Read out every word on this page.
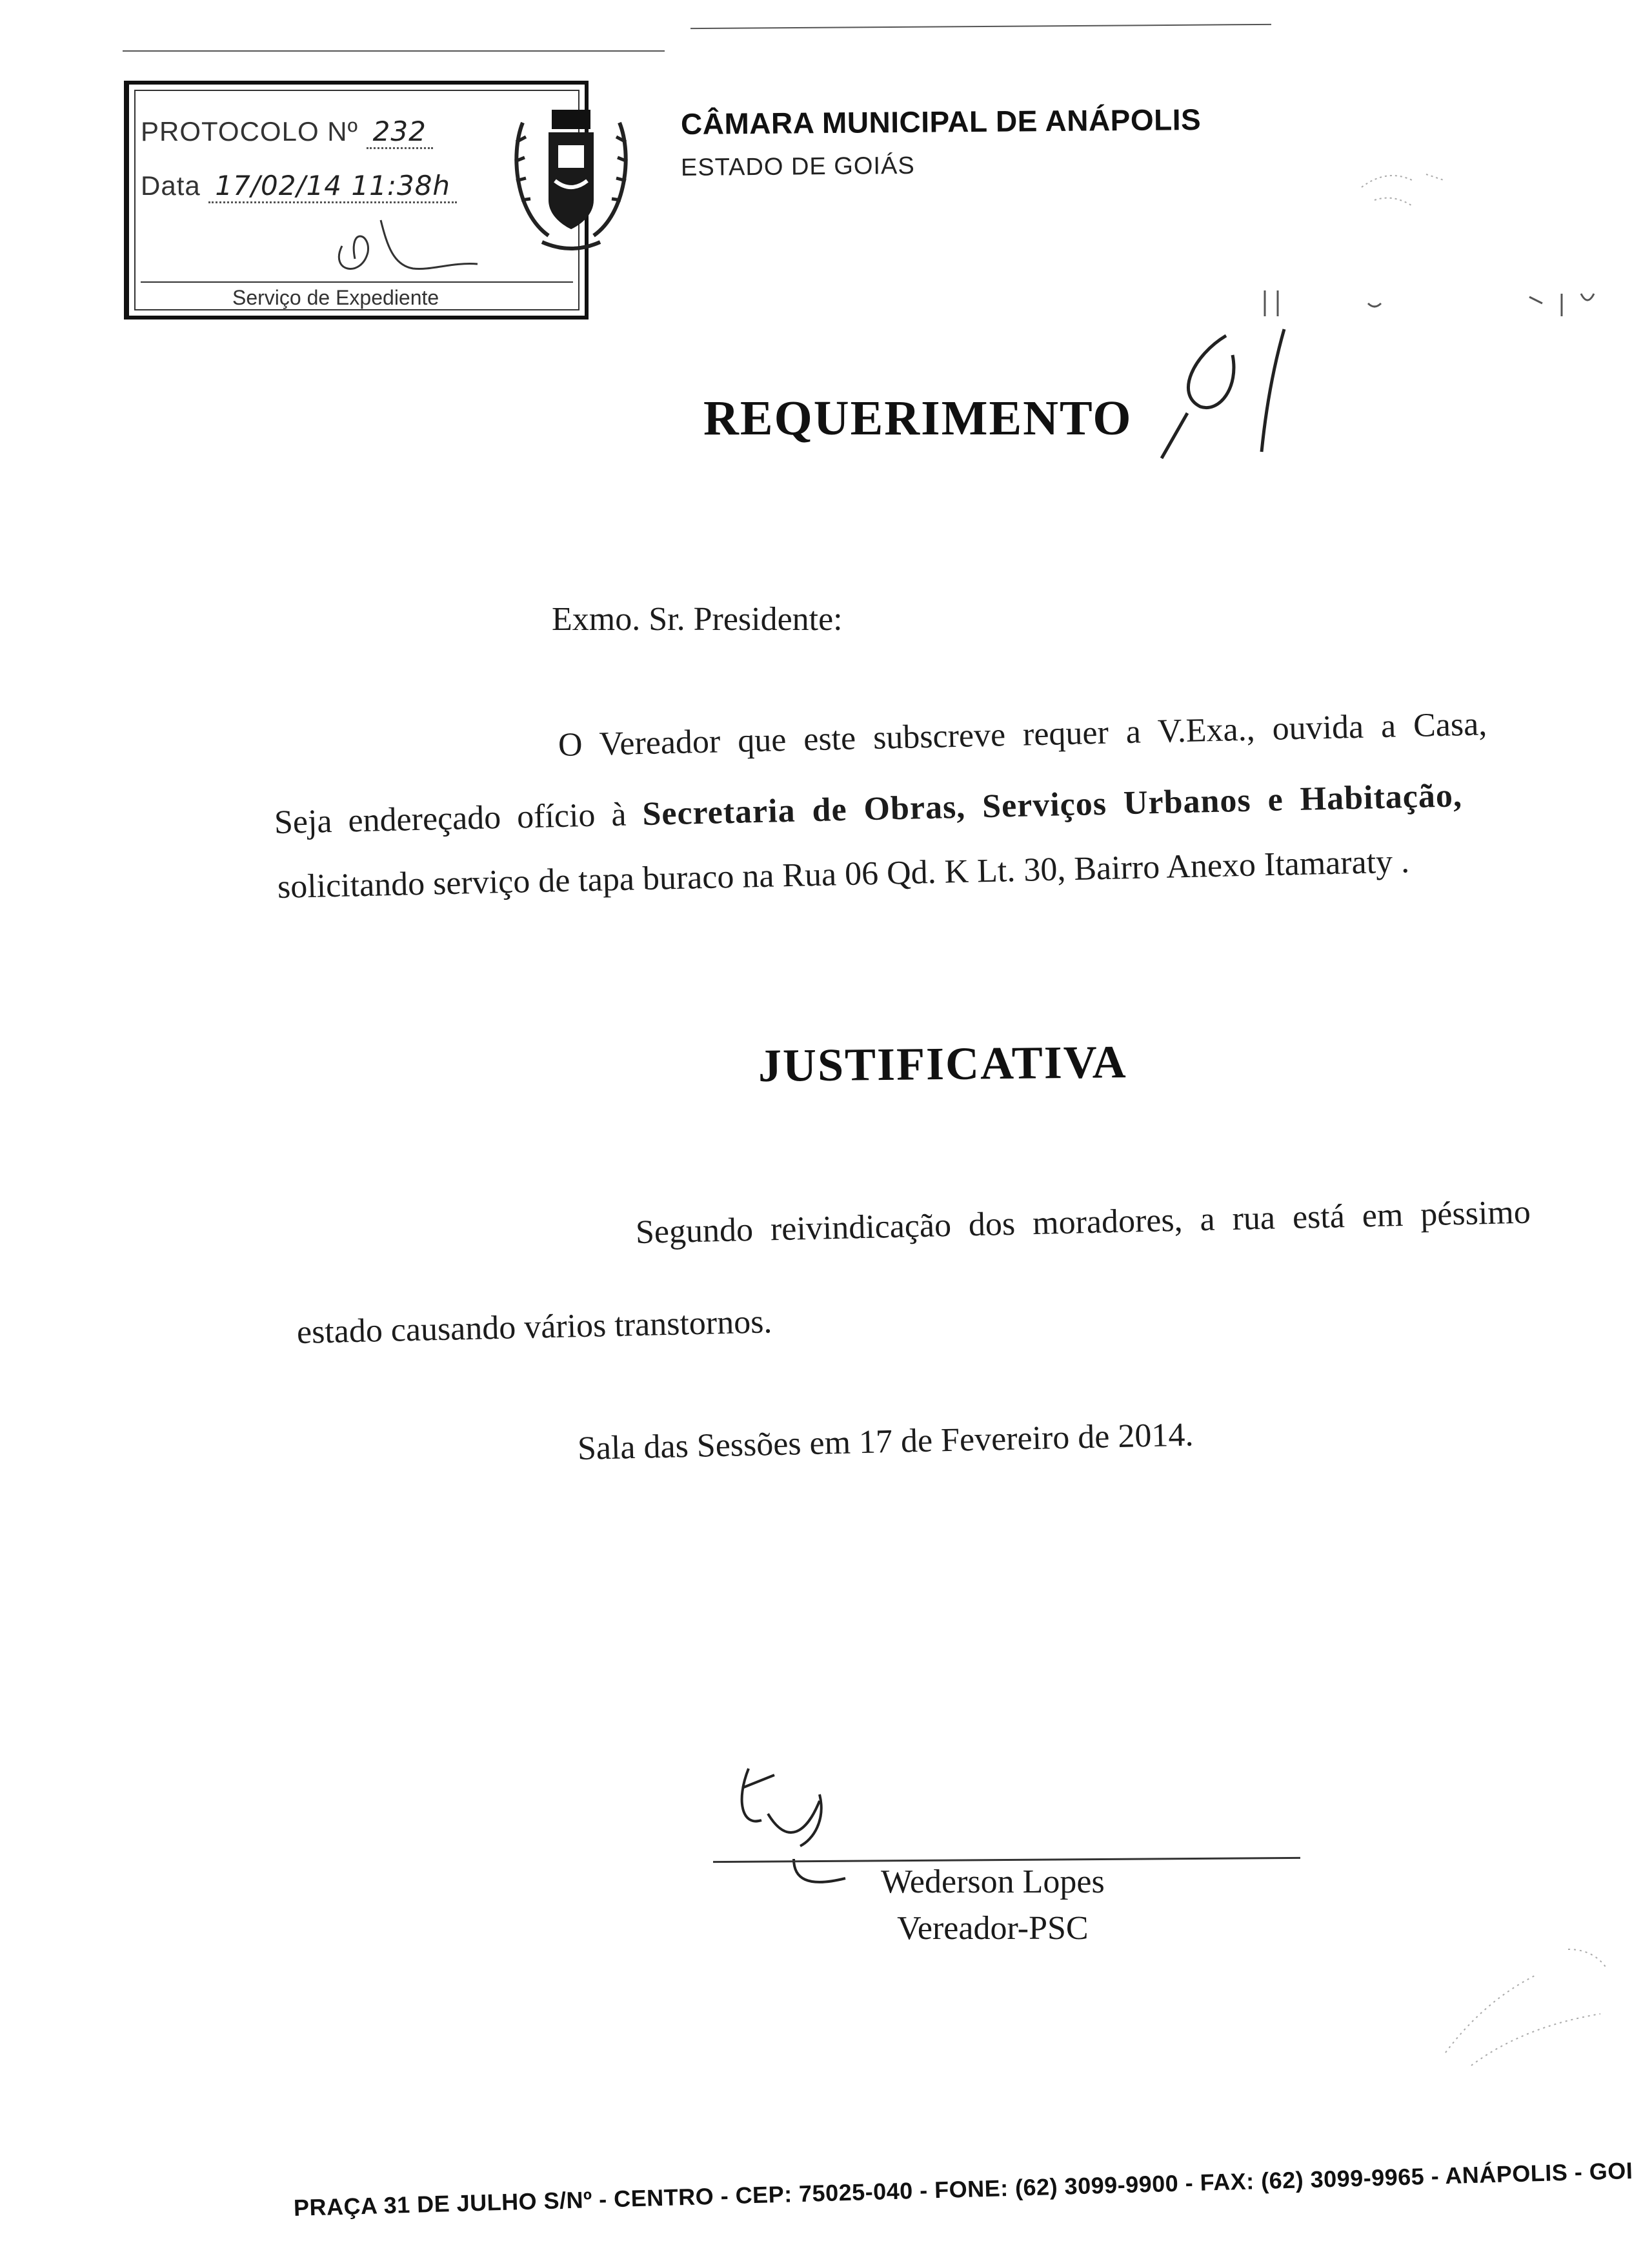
PROTOCOLO Nº 232
Data 17/02/14 11:38h
Serviço de Expediente
CÂMARA MUNICIPAL DE ANÁPOLIS
ESTADO DE GOIÁS
REQUERIMENTO
Exmo. Sr. Presidente:
O Vereador que este subscreve requer a V.Exa., ouvida a Casa,
Seja endereçado ofício à Secretaria de Obras, Serviços Urbanos e Habitação,
solicitando serviço de tapa buraco na Rua 06 Qd. K Lt. 30, Bairro Anexo Itamaraty .
JUSTIFICATIVA
Segundo reivindicação dos moradores, a rua está em péssimo
estado causando vários transtornos.
Sala das Sessões em 17 de Fevereiro de 2014.
Wederson Lopes
Vereador-PSC
PRAÇA 31 DE JULHO S/Nº - CENTRO - CEP: 75025-040 - FONE: (62) 3099-9900 - FAX: (62) 3099-9965 - ANÁPOLIS - GOI
